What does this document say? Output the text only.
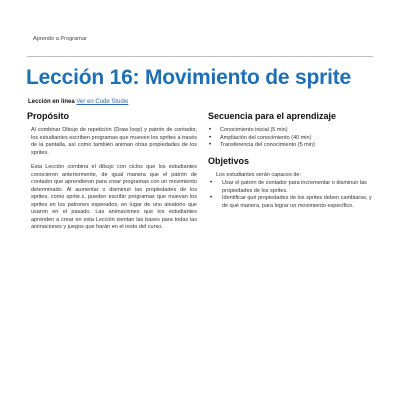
Aprendo a Programar
Lección 16: Movimiento de sprite
Lección en línea Ver en Code Studio
Propósito

Al combinar Dibujo de repetición (Draw loop) y patrón de contador, los estudiantes escriben programas que mueven los sprites a través de la pantalla, así como también animan otras propiedades de los sprites.

Esta Lección combina el dibujo con ciclos que los estudiantes conocieron anteriormente, de igual manera que el patrón de contador que aprendieron para crear programas con un movimiento determinado. Al aumentar o disminuir las propiedades de los sprites, como sprite.x, pueden escribir programas que muevan los sprites en los patrones esperados, en lugar de uno aleatorio que usaron en el pasado. Las animaciones que los estudiantes aprenden a crear en esta Lección sientan las bases para todas las animaciones y juegos que harán en el resto del curso.

Secuencia para el aprendizaje
• Conocimiento inicial (5 min)
• Ampliación del conocimiento (40 min)
• Transferencia del conocimiento (5 min)
Objetivos

Los estudiantes serán capaces de:

• Usar el patrón de contador para incrementar o disminuir las propiedades de los sprites.
• Identificar qué propiedades de los sprites deben cambiarse, y de qué manera, para lograr un movimiento específico.
